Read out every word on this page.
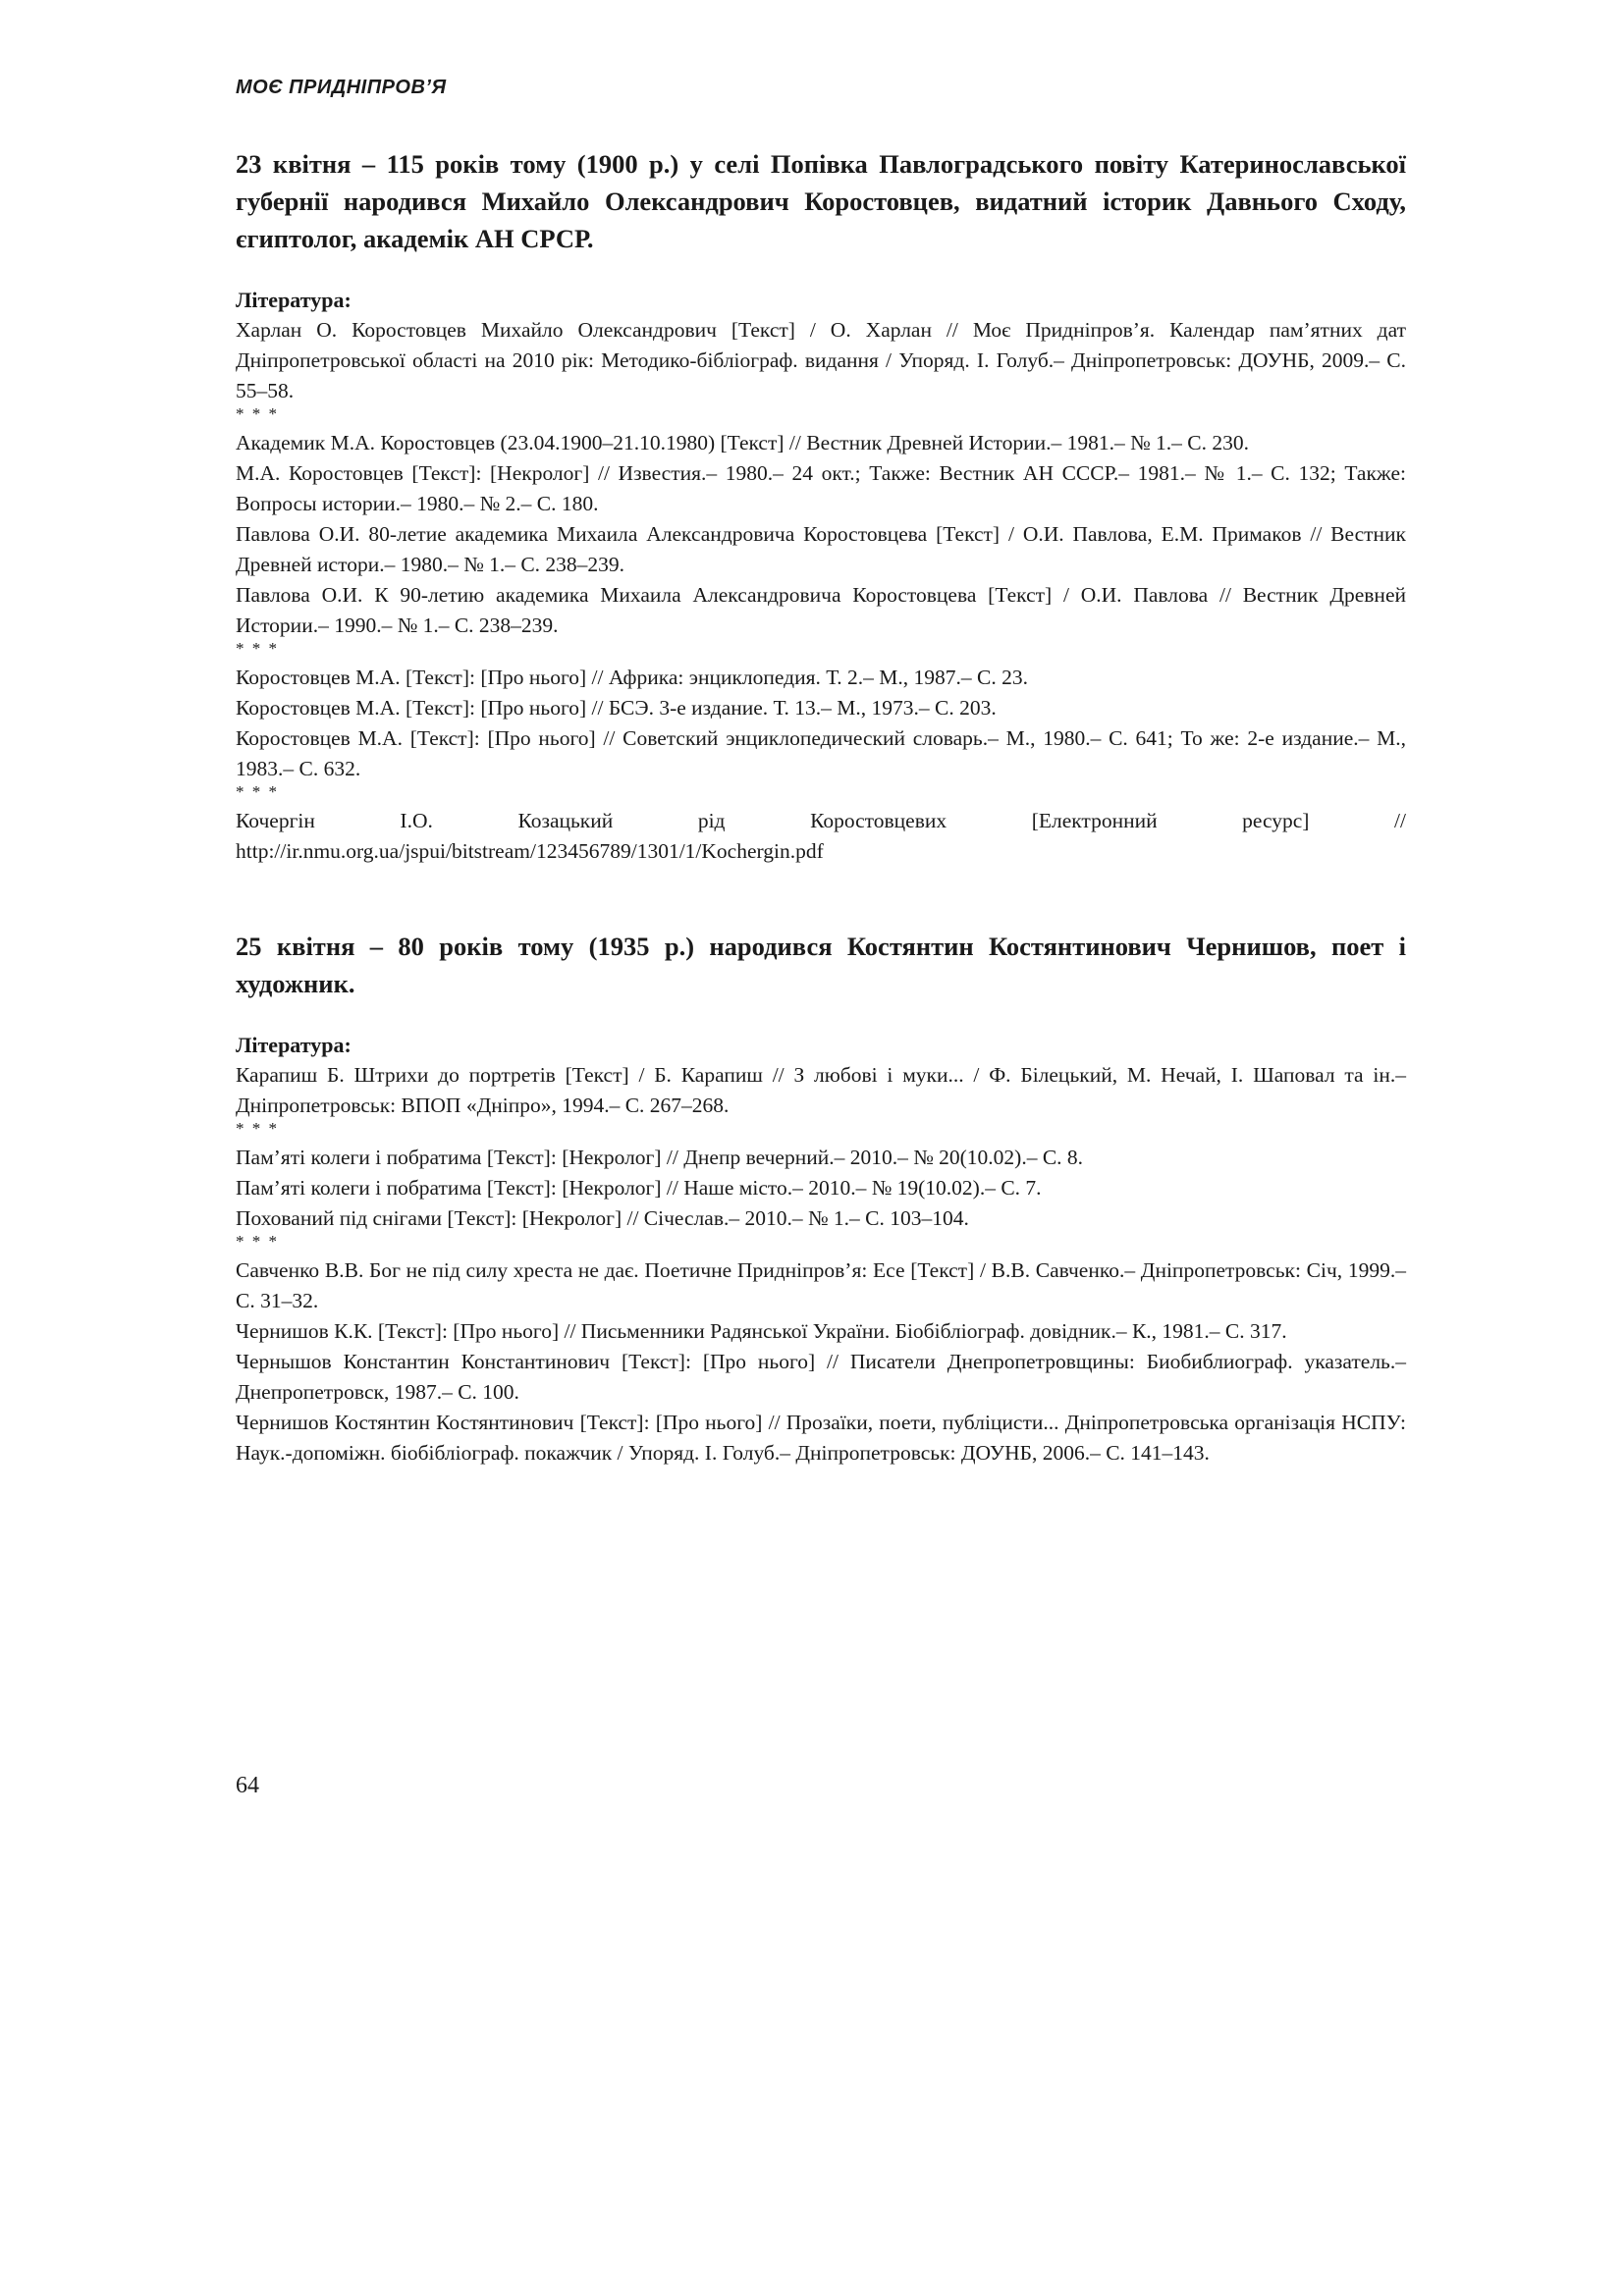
МОЄ ПРИДНІПРОВ’Я

23 квітня – 115 років тому (1900 р.) у селі Попівка Павлоградського повіту Катеринославської губернії народився Михайло Олександрович Коростовцев, видатний історик Давнього Сходу, єгиптолог, академік АН СРСР.

Література:

Харлан О. Коростовцев Михайло Олександрович [Текст] / О. Харлан // Моє Придніпров’я. Календар пам’ятних дат Дніпропетровської області на 2010 рік: Методико-бібліограф. видання / Упоряд. І. Голуб.– Дніпропетровськ: ДОУНБ, 2009.– С. 55–58.

* * *

Академик М.А. Коростовцев (23.04.1900–21.10.1980) [Текст] // Вестник Древней Истории.– 1981.– № 1.– С. 230.

М.А. Коростовцев [Текст]: [Некролог] // Известия.– 1980.– 24 окт.; Также: Вестник АН СССР.– 1981.– № 1.– С. 132; Также: Вопросы истории.– 1980.– № 2.– С. 180.

Павлова О.И. 80-летие академика Михаила Александровича Коростовцева [Текст] / О.И. Павлова, Е.М. Примаков // Вестник Древней истори.– 1980.– № 1.– С. 238–239.

Павлова О.И. К 90-летию академика Михаила Александровича Коростовцева [Текст] / О.И. Павлова // Вестник Древней Истории.– 1990.– № 1.– С. 238–239.

* * *

Коростовцев М.А. [Текст]: [Про нього] // Африка: энциклопедия. Т. 2.– М., 1987.– С. 23.

Коростовцев М.А. [Текст]: [Про нього] // БСЭ. 3-е издание. Т. 13.– М., 1973.– С. 203.

Коростовцев М.А. [Текст]: [Про нього] // Советский энциклопедический словарь.– М., 1980.– С. 641; То же: 2-е издание.– М., 1983.– С. 632.

* * *

Кочергін І.О. Козацький рід Коростовцевих [Електронний ресурс] // http://ir.nmu.org.ua/jspui/bitstream/123456789/1301/1/Kochergin.pdf

25 квітня – 80 років тому (1935 р.) народився Костянтин Костянтинович Чернишов, поет і художник.

Література:

Карапиш Б. Штрихи до портретів [Текст] / Б. Карапиш // З любові і муки... / Ф. Білецький, М. Нечай, І. Шаповал та ін.– Дніпропетровськ: ВПОП «Дніпро», 1994.– С. 267–268.

* * *

Пам’яті колеги і побратима [Текст]: [Некролог] // Днепр вечерний.– 2010.– № 20(10.02).– С. 8.

Пам’яті колеги і побратима [Текст]: [Некролог] // Наше місто.– 2010.– № 19(10.02).– С. 7.

Похований під снігами [Текст]: [Некролог] // Січеслав.– 2010.– № 1.– С. 103–104.

* * *

Савченко В.В. Бог не під силу хреста не дає. Поетичне Придніпров’я: Есе [Текст] / В.В. Савченко.– Дніпропетровськ: Січ, 1999.– С. 31–32.

Чернишов К.К. [Текст]: [Про нього] // Письменники Радянської України. Біобібліограф. довідник.– К., 1981.– С. 317.

Чернышов Константин Константинович [Текст]: [Про нього] // Писатели Днепропетровщины: Биобиблиограф. указатель.– Днепропетровск, 1987.– С. 100.

Чернишов Костянтин Костянтинович [Текст]: [Про нього] // Прозаїки, поети, публіцисти... Дніпропетровська організація НСПУ: Наук.-допоміжн. біобібліограф. покажчик / Упоряд. І. Голуб.– Дніпропетровськ: ДОУНБ, 2006.– С. 141–143.

64
